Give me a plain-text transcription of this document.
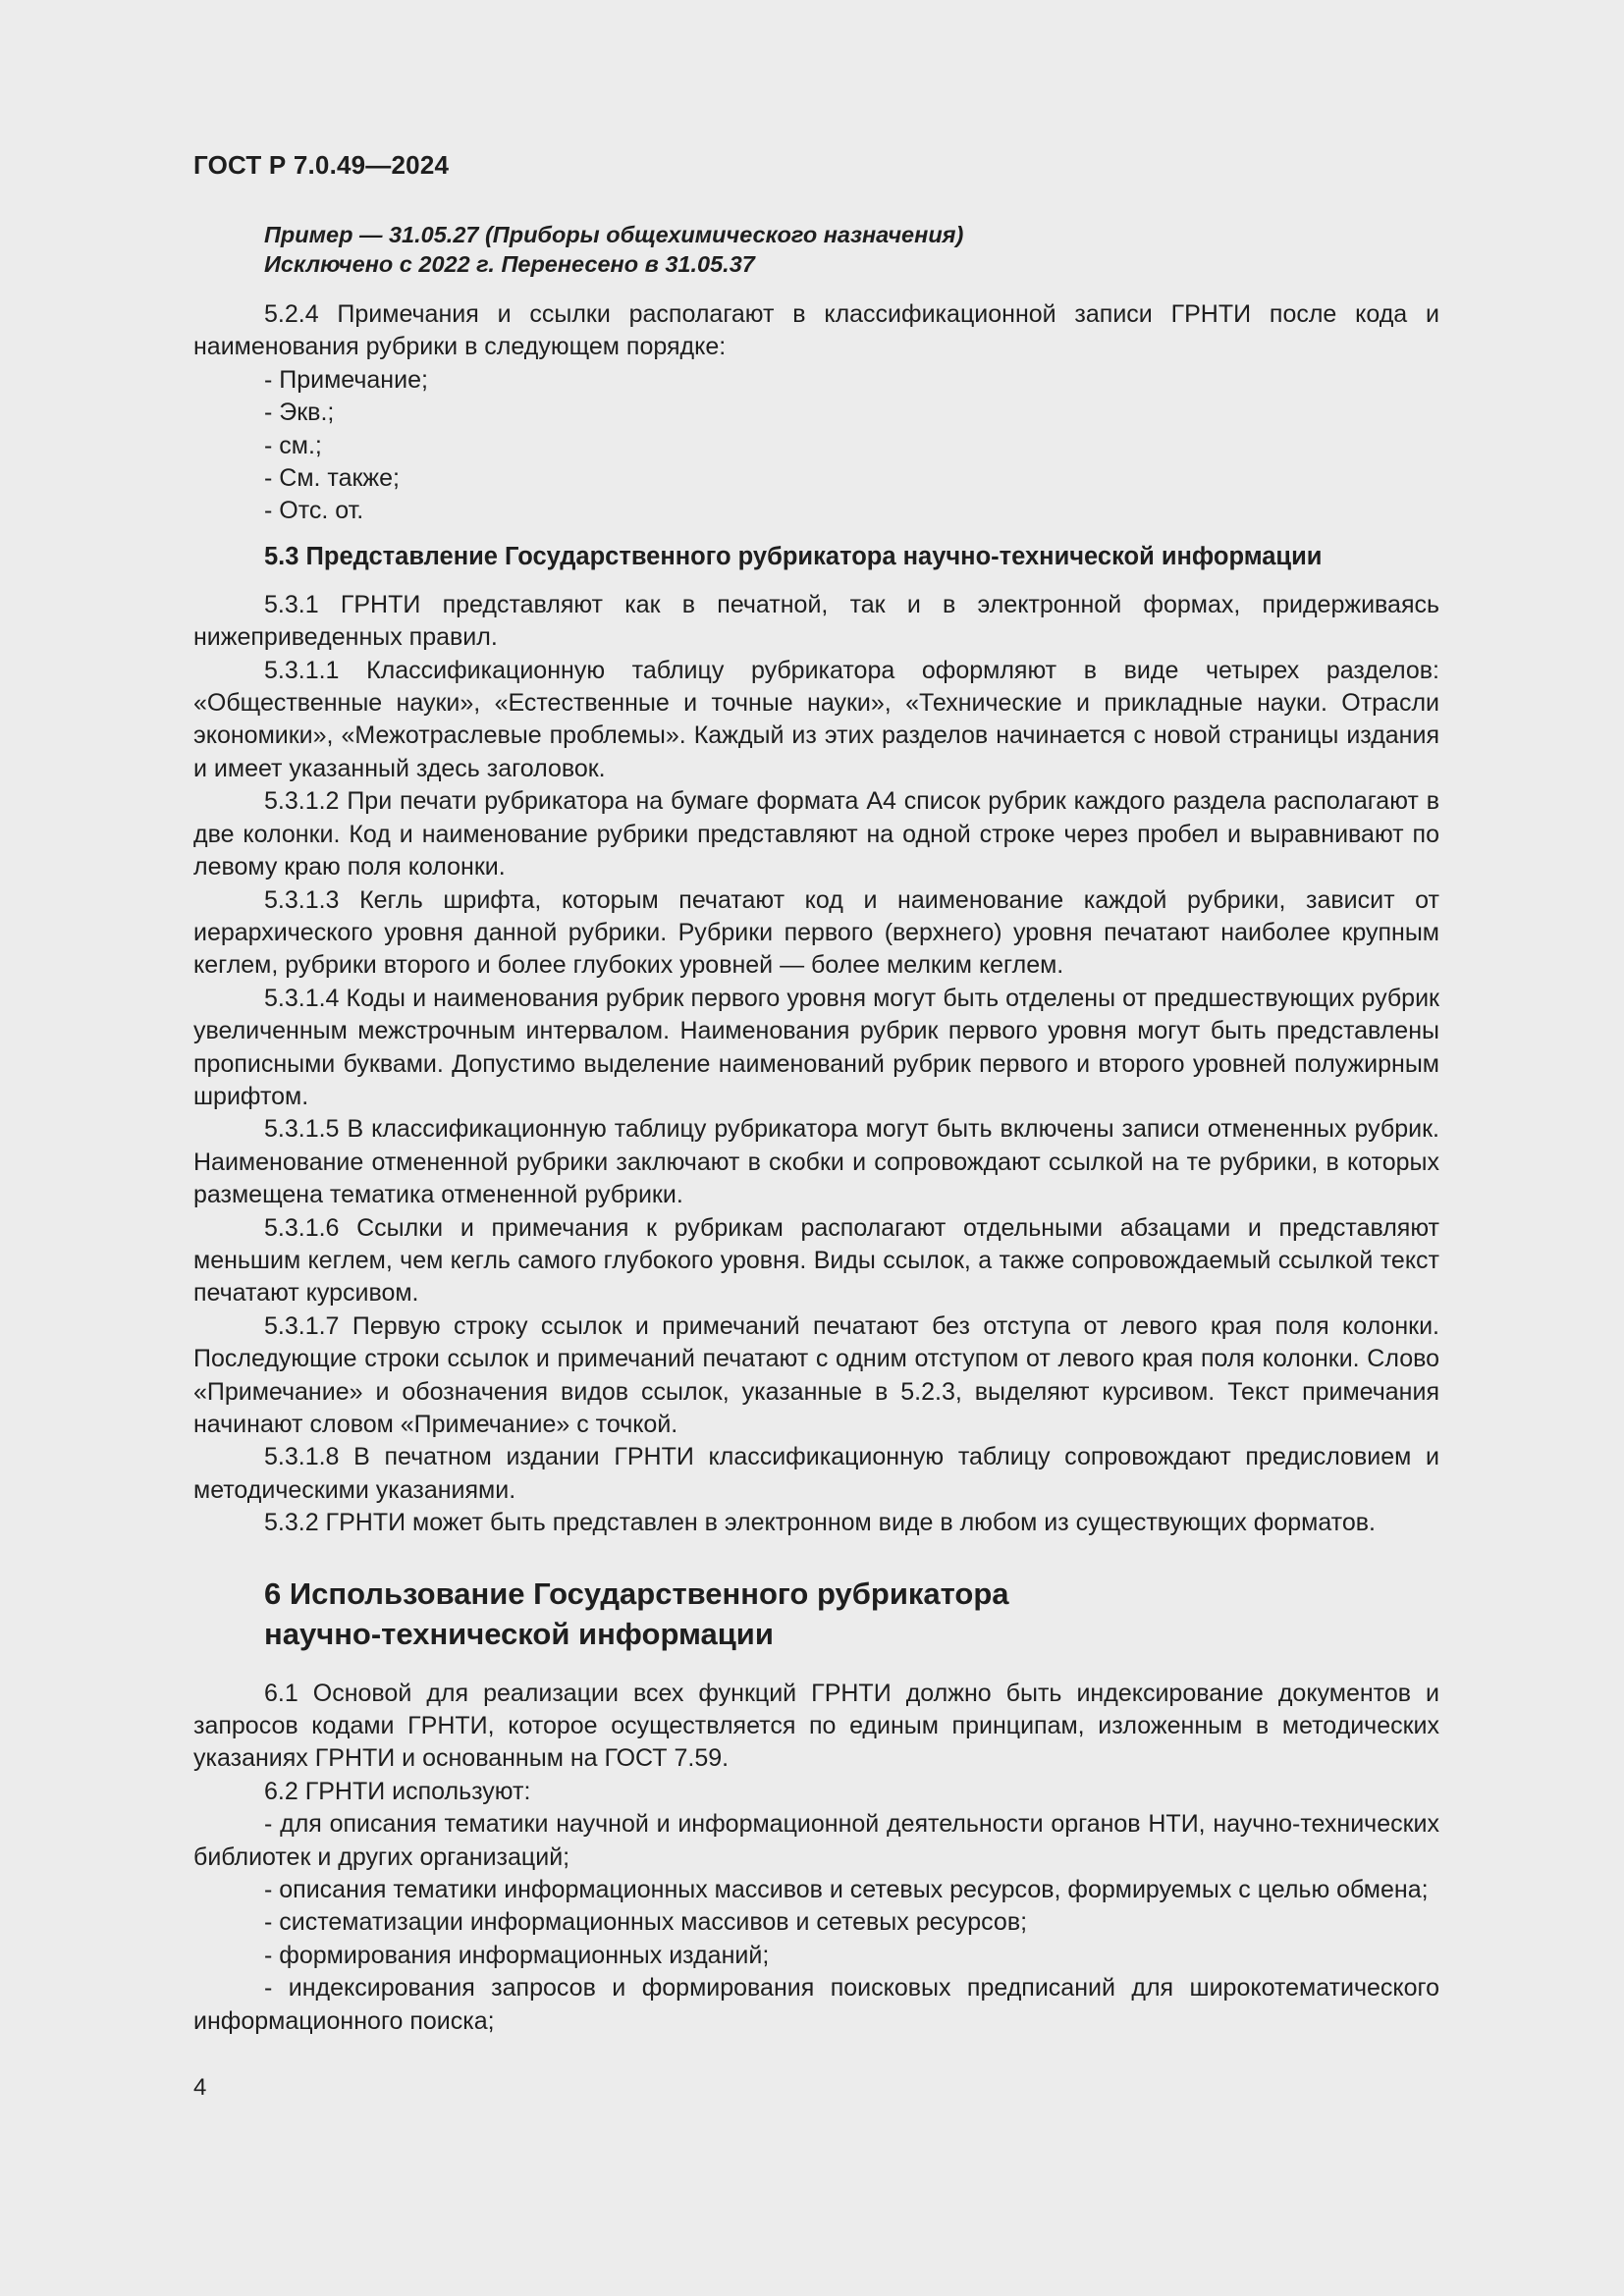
ГОСТ Р 7.0.49—2024
Пример — 31.05.27 (Приборы общехимического назначения)
Исключено с 2022 г. Перенесено в 31.05.37

5.2.4 Примечания и ссылки располагают в классификационной записи ГРНТИ после кода и наименования рубрики в следующем порядке:

- Примечание;

- Экв.;

- см.;

- См. также;

- Отс. от.

5.3 Представление Государственного рубрикатора научно-технической информации

5.3.1 ГРНТИ представляют как в печатной, так и в электронной формах, придерживаясь нижеприведенных правил.

5.3.1.1 Классификационную таблицу рубрикатора оформляют в виде четырех разделов: «Общественные науки», «Естественные и точные науки», «Технические и прикладные науки. Отрасли экономики», «Межотраслевые проблемы». Каждый из этих разделов начинается с новой страницы издания и имеет указанный здесь заголовок.

5.3.1.2 При печати рубрикатора на бумаге формата А4 список рубрик каждого раздела располагают в две колонки. Код и наименование рубрики представляют на одной строке через пробел и выравнивают по левому краю поля колонки.

5.3.1.3 Кегль шрифта, которым печатают код и наименование каждой рубрики, зависит от иерархического уровня данной рубрики. Рубрики первого (верхнего) уровня печатают наиболее крупным кеглем, рубрики второго и более глубоких уровней — более мелким кеглем.

5.3.1.4 Коды и наименования рубрик первого уровня могут быть отделены от предшествующих рубрик увеличенным межстрочным интервалом. Наименования рубрик первого уровня могут быть представлены прописными буквами. Допустимо выделение наименований рубрик первого и второго уровней полужирным шрифтом.

5.3.1.5 В классификационную таблицу рубрикатора могут быть включены записи отмененных рубрик. Наименование отмененной рубрики заключают в скобки и сопровождают ссылкой на те рубрики, в которых размещена тематика отмененной рубрики.

5.3.1.6 Ссылки и примечания к рубрикам располагают отдельными абзацами и представляют меньшим кеглем, чем кегль самого глубокого уровня. Виды ссылок, а также сопровождаемый ссылкой текст печатают курсивом.

5.3.1.7 Первую строку ссылок и примечаний печатают без отступа от левого края поля колонки. Последующие строки ссылок и примечаний печатают с одним отступом от левого края поля колонки. Слово «Примечание» и обозначения видов ссылок, указанные в 5.2.3, выделяют курсивом. Текст примечания начинают словом «Примечание» с точкой.

5.3.1.8 В печатном издании ГРНТИ классификационную таблицу сопровождают предисловием и методическими указаниями.

5.3.2 ГРНТИ может быть представлен в электронном виде в любом из существующих форматов.

6 Использование Государственного рубрикатора
научно-технической информации

6.1 Основой для реализации всех функций ГРНТИ должно быть индексирование документов и запросов кодами ГРНТИ, которое осуществляется по единым принципам, изложенным в методических указаниях ГРНТИ и основанным на ГОСТ 7.59.

6.2 ГРНТИ используют:

- для описания тематики научной и информационной деятельности органов НТИ, научно-технических библиотек и других организаций;

- описания тематики информационных массивов и сетевых ресурсов, формируемых с целью обмена;

- систематизации информационных массивов и сетевых ресурсов;

- формирования информационных изданий;

- индексирования запросов и формирования поисковых предписаний для широкотематического информационного поиска;

4
